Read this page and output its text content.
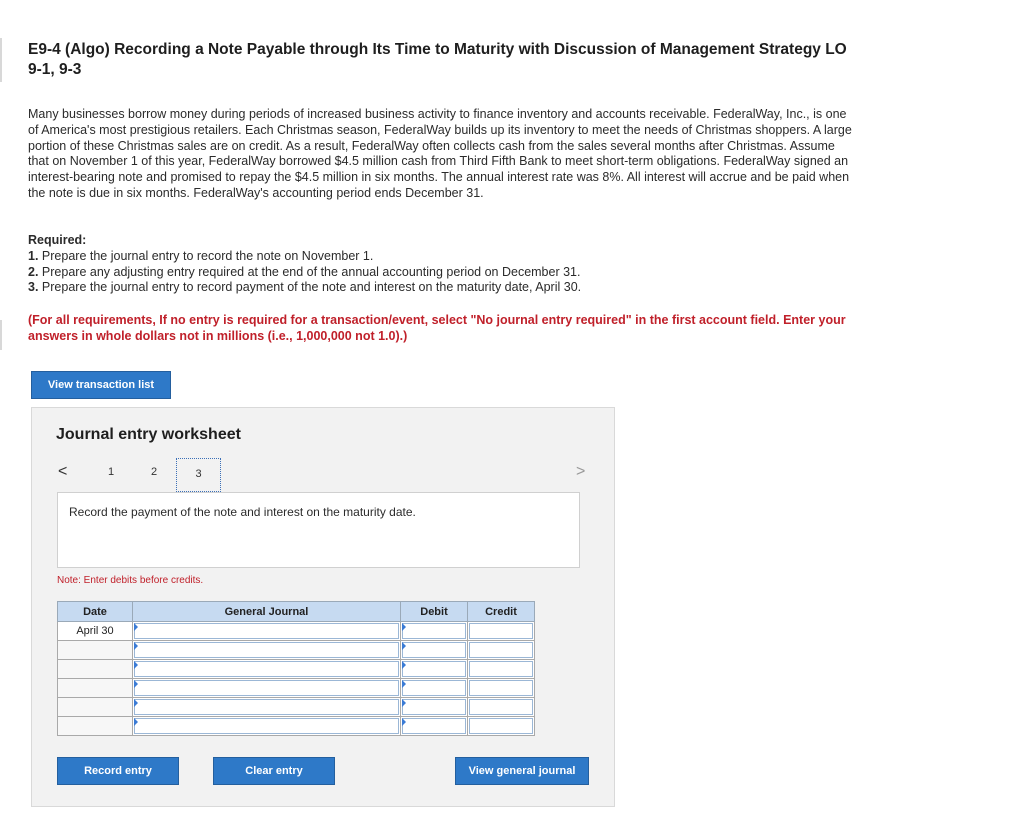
E9-4 (Algo) Recording a Note Payable through Its Time to Maturity with Discussion of Management Strategy LO 9-1, 9-3
Many businesses borrow money during periods of increased business activity to finance inventory and accounts receivable. FederalWay, Inc., is one of America's most prestigious retailers. Each Christmas season, FederalWay builds up its inventory to meet the needs of Christmas shoppers. A large portion of these Christmas sales are on credit. As a result, FederalWay often collects cash from the sales several months after Christmas. Assume that on November 1 of this year, FederalWay borrowed $4.5 million cash from Third Fifth Bank to meet short-term obligations. FederalWay signed an interest-bearing note and promised to repay the $4.5 million in six months. The annual interest rate was 8%. All interest will accrue and be paid when the note is due in six months. FederalWay's accounting period ends December 31.
Required:
1. Prepare the journal entry to record the note on November 1.
2. Prepare any adjusting entry required at the end of the annual accounting period on December 31.
3. Prepare the journal entry to record payment of the note and interest on the maturity date, April 30.
(For all requirements, If no entry is required for a transaction/event, select "No journal entry required" in the first account field. Enter your answers in whole dollars not in millions (i.e., 1,000,000 not 1.0).)
View transaction list
Journal entry worksheet
<	1	2	3	>
Record the payment of the note and interest on the maturity date.
Note: Enter debits before credits.
Date	General Journal	Debit	Credit
April 30	

Record entry	Clear entry	View general journal
